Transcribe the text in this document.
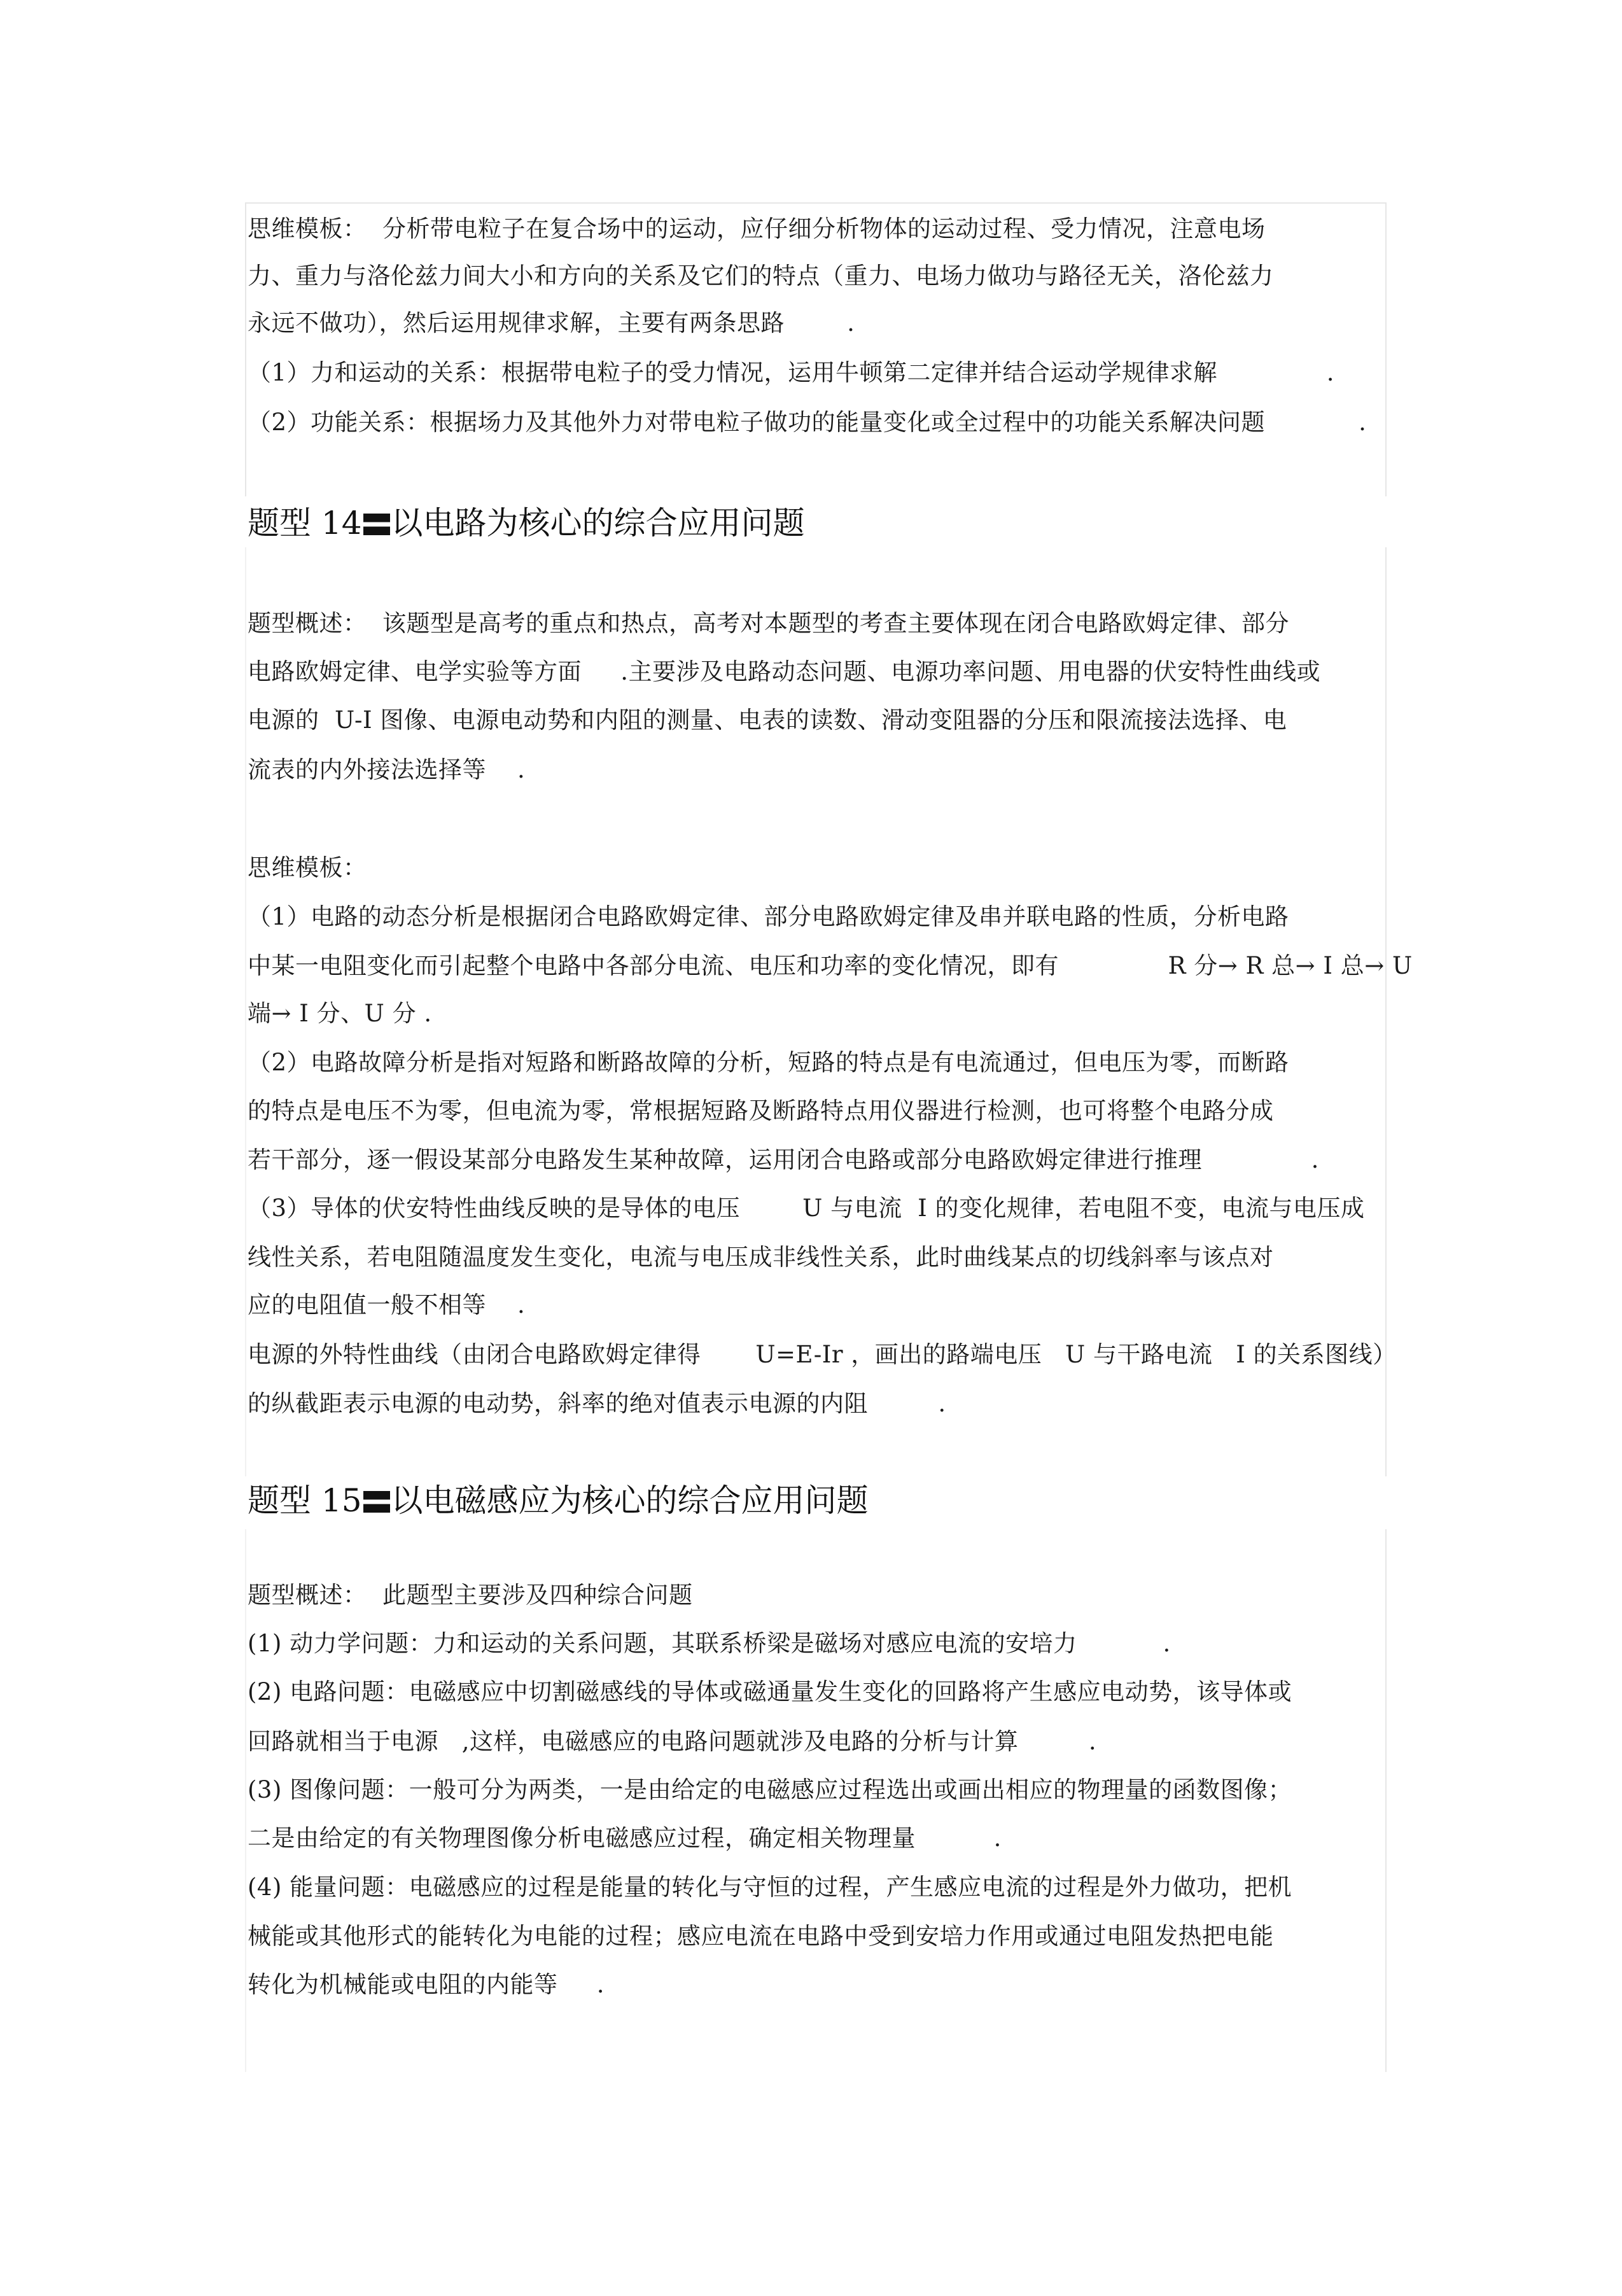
思维模板：  分析带电粒子在复合场中的运动，应仔细分析物体的运动过程、受力情况，注意电场
力、重力与洛伦兹力间大小和方向的关系及它们的特点（重力、电场力做功与路径无关，洛伦兹力
永远不做功），然后运用规律求解，主要有两条思路        .
（1）力和运动的关系：根据带电粒子的受力情况，运用牛顿第二定律并结合运动学规律求解              .
（2）功能关系：根据场力及其他外力对带电粒子做功的能量变化或全过程中的功能关系解决问题            .
题型 14 以电路为核心的综合应用问题
题型概述：  该题型是高考的重点和热点，高考对本题型的考查主要体现在闭合电路欧姆定律、部分
电路欧姆定律、电学实验等方面     .主要涉及电路动态问题、电源功率问题、用电器的伏安特性曲线或
电源的  U-I 图像、电源电动势和内阻的测量、电表的读数、滑动变阻器的分压和限流接法选择、电
流表的内外接法选择等    .
思维模板：
（1）电路的动态分析是根据闭合电路欧姆定律、部分电路欧姆定律及串并联电路的性质，分析电路
中某一电阻变化而引起整个电路中各部分电流、电压和功率的变化情况，即有              R 分→ R 总→ I 总→ U
端→ I 分、U 分 .
（2）电路故障分析是指对短路和断路故障的分析，短路的特点是有电流通过，但电压为零，而断路
的特点是电压不为零，但电流为零，常根据短路及断路特点用仪器进行检测，也可将整个电路分成
若干部分，逐一假设某部分电路发生某种故障，运用闭合电路或部分电路欧姆定律进行推理              .
（3）导体的伏安特性曲线反映的是导体的电压        U 与电流  I 的变化规律，若电阻不变，电流与电压成
线性关系，若电阻随温度发生变化，电流与电压成非线性关系，此时曲线某点的切线斜率与该点对
应的电阻值一般不相等    .
电源的外特性曲线（由闭合电路欧姆定律得       U=E-Ir ，画出的路端电压   U 与干路电流   I 的关系图线）
的纵截距表示电源的电动势，斜率的绝对值表示电源的内阻         .
题型 15 以电磁感应为核心的综合应用问题
题型概述：  此题型主要涉及四种综合问题
(1) 动力学问题：力和运动的关系问题，其联系桥梁是磁场对感应电流的安培力           .
(2) 电路问题：电磁感应中切割磁感线的导体或磁通量发生变化的回路将产生感应电动势，该导体或
回路就相当于电源   ,这样，电磁感应的电路问题就涉及电路的分析与计算         .
(3) 图像问题：一般可分为两类，一是由给定的电磁感应过程选出或画出相应的物理量的函数图像；
二是由给定的有关物理图像分析电磁感应过程，确定相关物理量          .
(4) 能量问题：电磁感应的过程是能量的转化与守恒的过程，产生感应电流的过程是外力做功，把机
械能或其他形式的能转化为电能的过程；感应电流在电路中受到安培力作用或通过电阻发热把电能
转化为机械能或电阻的内能等     .
